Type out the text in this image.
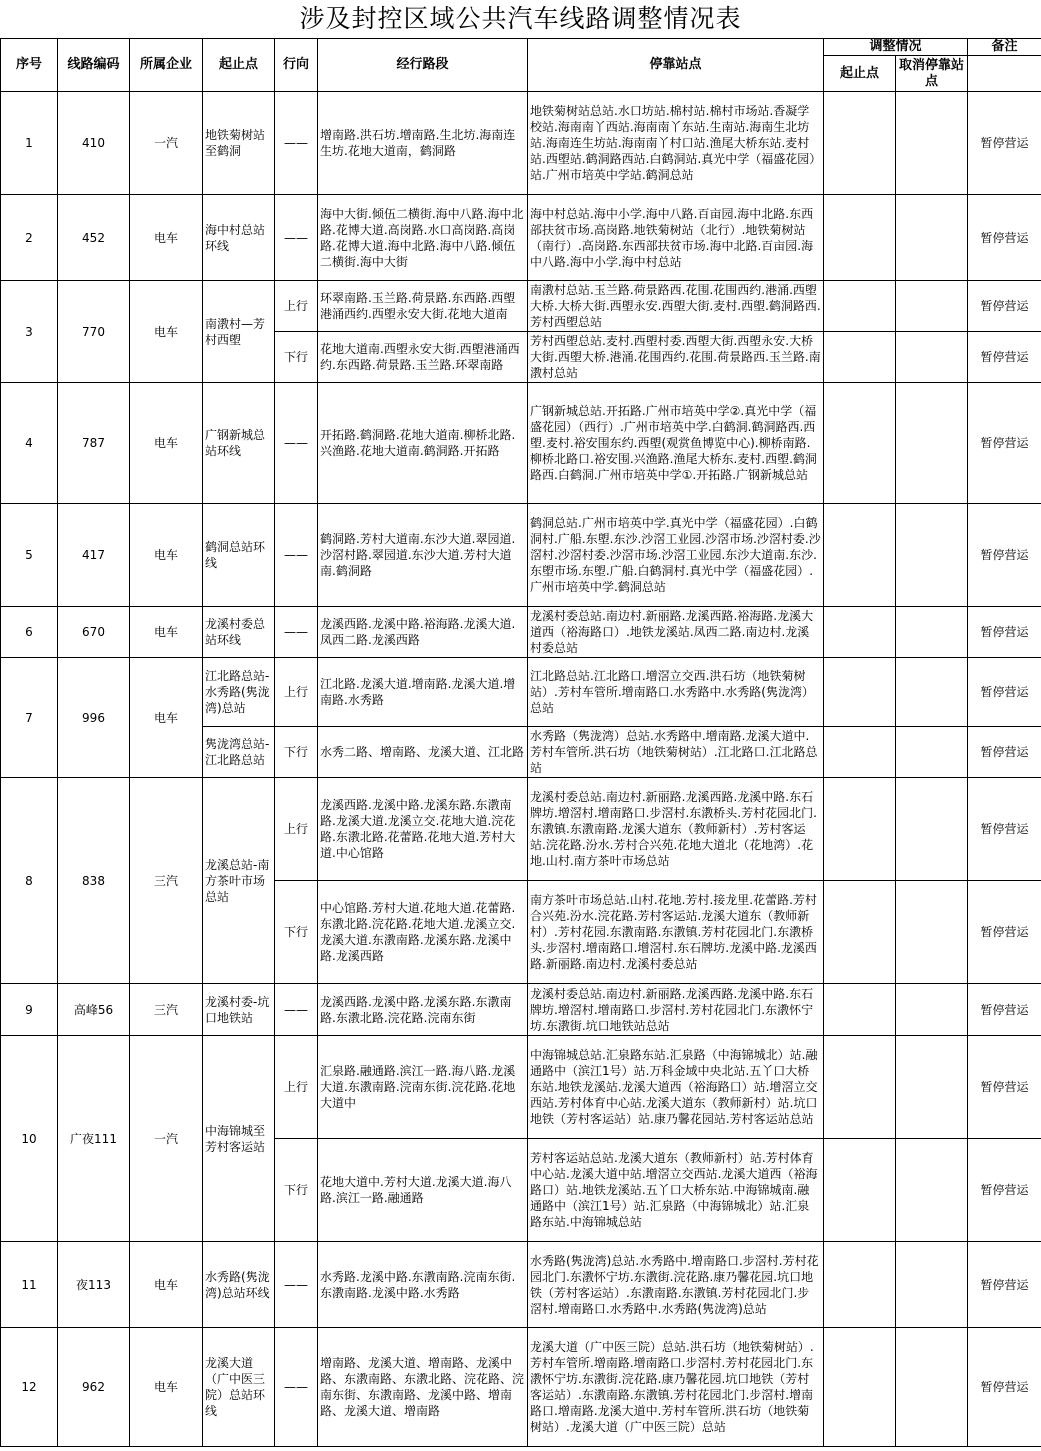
涉及封控区域公共汽车线路调整情况表
序号	线路编码	所属企业	起止点	行向	经行路段	停靠站点	调整情况		备注
							起止点	取消停靠站点	
1	410	一汽	地铁菊树站至鹤洞	——	增南路.洪石坊.增南路.生北坊.海南连生坊.花地大道南，鹤洞路	地铁菊树站总站.水口坊站.棉村站.棉村市场站.香凝学校站.海南南丫西站.海南南丫东站.生南站.海南生北坊站.海南连生坊站.海南南丫村口站.渔尾大桥东站.麦村站.西塱站.鹤洞路西站.白鹤洞站.真光中学（福盛花园）站.广州市培英中学站.鹤洞总站			暂停营运
2	452	电车	海中村总站环线	——	海中大街.倾伍二横街.海中八路.海中北路.花博大道.高岗路.水口高岗路.高岗路.花博大道.海中北路.海中八路.倾伍二横街.海中大街	海中村总站.海中小学.海中八路.百亩园.海中北路.东西部扶贫市场.高岗路.地铁菊树站（北行）.地铁菊树站（南行）.高岗路.东西部扶贫市场.海中北路.百亩园.海中八路.海中小学.海中村总站			暂停营运
3	770	电车	南漖村—芳村西塱	上行	环翠南路.玉兰路.荷景路.东西路.西塱港涌西约.西塱永安大街.花地大道南	南漖村总站.玉兰路.荷景路西.花围.花围西约.港涌.西塱大桥.大桥大街.西塱永安.西塱大街.麦村.西塱.鹤洞路西.芳村西塱总站			暂停营运
				下行	花地大道南.西塱永安大街.西塱港涌西约.东西路.荷景路.玉兰路.环翠南路	芳村西塱总站.麦村.西塱村委.西塱大街.西塱永安.大桥大街.西塱大桥.港涌.花围西约.花围.荷景路西.玉兰路.南漖村总站			暂停营运
4	787	电车	广钢新城总站环线	——	开拓路.鹤洞路.花地大道南.柳桥北路.兴渔路.花地大道南.鹤洞路.开拓路	广钢新城总站.开拓路.广州市培英中学②.真光中学（福盛花园）（西行）.广州市培英中学.白鹤洞.鹤洞路西.西塱.麦村.裕安围东约.西塱(观赏鱼博览中心).柳桥南路.柳桥北路口.裕安围.兴渔路.渔尾大桥东.麦村.西塱.鹤洞路西.白鹤洞.广州市培英中学①.开拓路.广钢新城总站			暂停营运
5	417	电车	鹤洞总站环线	——	鹤洞路.芳村大道南.东沙大道.翠园道.沙滘村路.翠园道.东沙大道.芳村大道南.鹤洞路	鹤洞总站.广州市培英中学.真光中学（福盛花园）.白鹤洞村.广船.东塱.东沙.沙滘工业园.沙滘市场.沙滘村委.沙滘村.沙滘村委.沙滘市场.沙滘工业园.东沙大道南.东沙.东塱市场.东塱.广船.白鹤洞村.真光中学（福盛花园）.广州市培英中学.鹤洞总站			暂停营运
6	670	电车	龙溪村委总站环线	——	龙溪西路.龙溪中路.裕海路.龙溪大道.凤西二路.龙溪西路	龙溪村委总站.南边村.新丽路.龙溪西路.裕海路.龙溪大道西（裕海路口）.地铁龙溪站.凤西二路.南边村.龙溪村委总站			暂停营运
7	996	电车	江北路总站-水秀路(隽泷湾)总站	上行	江北路.龙溪大道.增南路.龙溪大道.增南路.水秀路	江北路总站.江北路口.增滘立交西.洪石坊（地铁菊树站）.芳村车管所.增南路口.水秀路中.水秀路(隽泷湾）总站			暂停营运
			隽泷湾总站-江北路总站	下行	水秀二路、增南路、龙溪大道、江北路	水秀路（隽泷湾）总站.水秀路中.增南路.龙溪大道中.芳村车管所.洪石坊（地铁菊树站）.江北路口.江北路总站			暂停营运
8	838	三汽	龙溪总站-南方茶叶市场总站	上行	龙溪西路.龙溪中路.龙溪东路.东漖南路.龙溪大道.龙溪立交.花地大道.浣花路.东漖北路.花蕾路.花地大道.芳村大道.中心馆路	龙溪村委总站.南边村.新丽路.龙溪西路.龙溪中路.东石牌坊.增滘村.增南路口.步滘村.东漖桥头.芳村花园北门.东漖镇.东漖南路.龙溪大道东（教师新村）.芳村客运站.浣花路.汾水.芳村合兴苑.花地大道北（花地湾）.花地.山村.南方茶叶市场总站			暂停营运
				下行	中心馆路.芳村大道.花地大道.花蕾路.东漖北路.浣花路.花地大道.龙溪立交.龙溪大道.东漖南路.龙溪东路.龙溪中路.龙溪西路	南方茶叶市场总站.山村.花地.芳村.接龙里.花蕾路.芳村合兴苑.汾水.浣花路.芳村客运站.龙溪大道东（教师新村）.芳村花园.东漖南路.东漖镇.芳村花园北门.东漖桥头.步滘村.增南路口.增滘村.东石牌坊.龙溪中路.龙溪西路.新丽路.南边村.龙溪村委总站			暂停营运
9	高峰56	三汽	龙溪村委-坑口地铁站	——	龙溪西路.龙溪中路.龙溪东路.东漖南路.东漖北路.浣花路.浣南东街	龙溪村委总站.南边村.新丽路.龙溪西路.龙溪中路.东石牌坊.增滘村.增南路口.步滘村.芳村花园北门.东漖怀宁坊.东漖街.坑口地铁站总站			暂停营运
10	广夜111	一汽	中海锦城至芳村客运站	上行	汇泉路.融通路.滨江一路.海八路.龙溪大道.东漖南路.浣南东街.浣花路.花地大道中	中海锦城总站.汇泉路东站.汇泉路（中海锦城北）站.融通路中（滨江1号）站.万科金域中央北站.五丫口大桥东站.地铁龙溪站.龙溪大道西（裕海路口）站.增滘立交西站.芳村体育中心站.龙溪大道东（教师新村）站.坑口地铁（芳村客运站）站.康乃馨花园站.芳村客运站总站			暂停营运
				下行	花地大道中.芳村大道.龙溪大道.海八路.滨江一路.融通路	芳村客运站总站.龙溪大道东（教师新村）站.芳村体育中心站.龙溪大道中站.增滘立交西站.龙溪大道西（裕海路口）站.地铁龙溪站.五丫口大桥东站.中海锦城南.融通路中（滨江1号）站.汇泉路（中海锦城北）站.汇泉路东站.中海锦城总站			暂停营运
11	夜113	电车	水秀路(隽泷湾)总站环线	——	水秀路.龙溪中路.东漖南路.浣南东街.东漖南路.龙溪中路.水秀路	水秀路(隽泷湾)总站.水秀路中.增南路口.步滘村.芳村花园北门.东漖怀宁坊.东漖街.浣花路.康乃馨花园.坑口地铁（芳村客运站）.东漖南路.东漖镇.芳村花园北门.步滘村.增南路口.水秀路中.水秀路(隽泷湾)总站			暂停营运
12	962	电车	龙溪大道（广中医三院）总站环线	——	增南路、龙溪大道、增南路、龙溪中路、东漖南路、东漖北路、浣花路、浣南东街、东漖南路、龙溪中路、增南路、龙溪大道、增南路	龙溪大道（广中医三院）总站.洪石坊（地铁菊树站）.芳村车管所.增南路.增南路口.步滘村.芳村花园北门.东漖怀宁坊.东漖街.浣花路.康乃馨花园.坑口地铁（芳村客运站）.东漖南路.东漖镇.芳村花园北门.步滘村.增南路口.增南路.龙溪大道中.芳村车管所.洪石坊（地铁菊树站）.龙溪大道（广中医三院）总站			暂停营运
